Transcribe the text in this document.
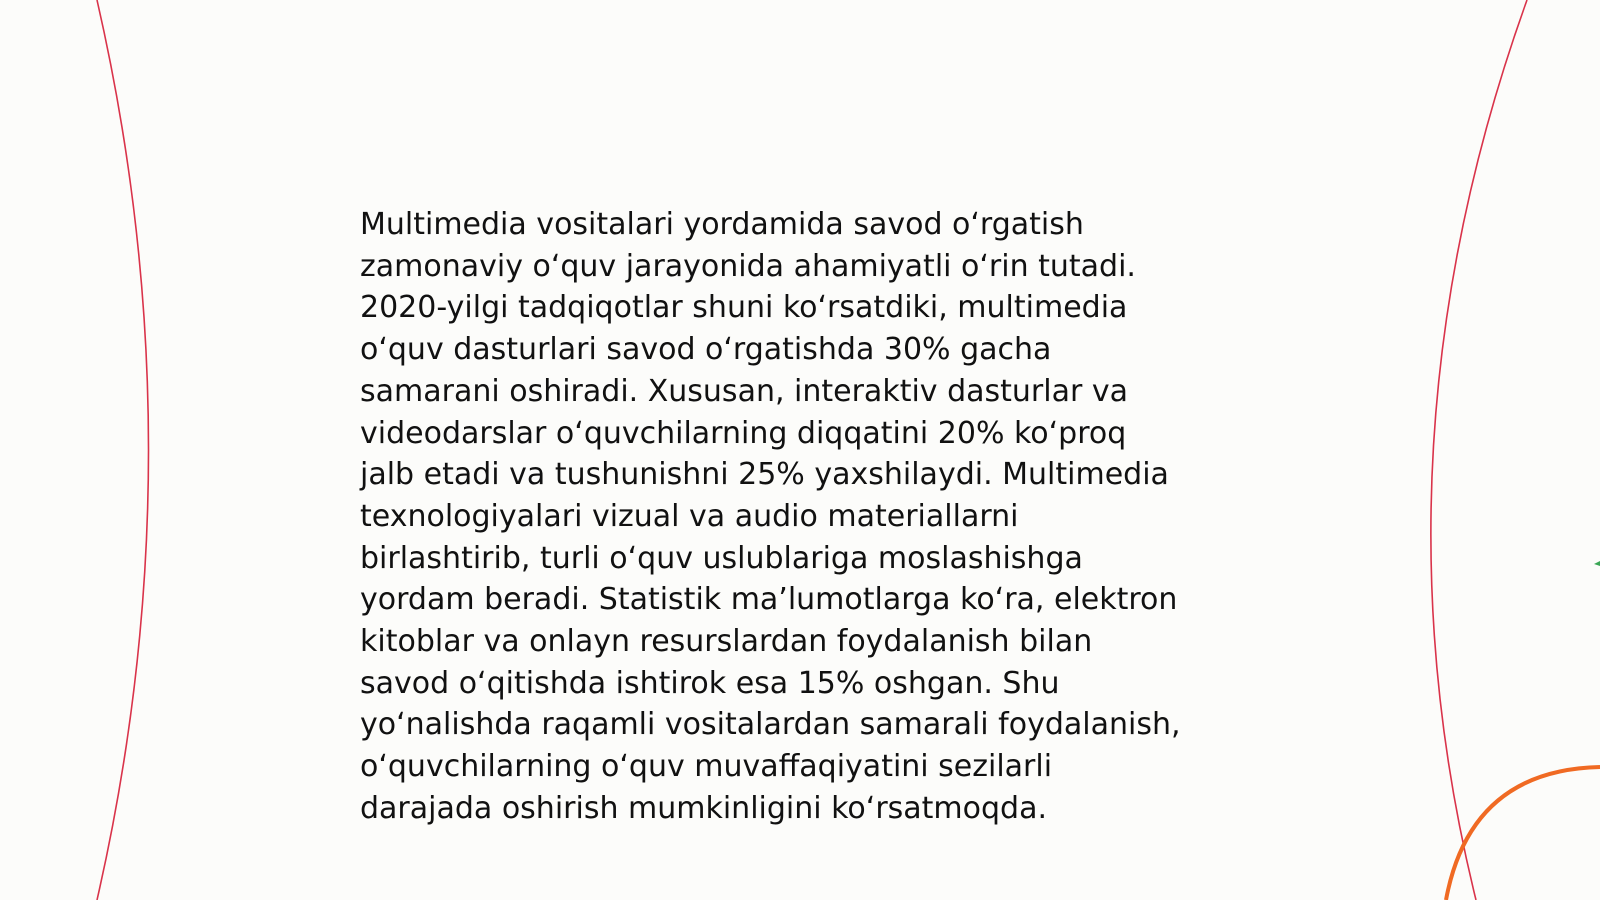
Multimedia vositalari yordamida savod oʻrgatish
zamonaviy oʻquv jarayonida ahamiyatli oʻrin tutadi.
2020-yilgi tadqiqotlar shuni koʻrsatdiki, multimedia
oʻquv dasturlari savod oʻrgatishda 30% gacha
samarani oshiradi. Xususan, interaktiv dasturlar va
videodarslar oʻquvchilarning diqqatini 20% koʻproq
jalb etadi va tushunishni 25% yaxshilaydi. Multimedia
texnologiyalari vizual va audio materiallarni
birlashtirib, turli oʻquv uslublariga moslashishga
yordam beradi. Statistik maʼlumotlarga koʻra, elektron
kitoblar va onlayn resurslardan foydalanish bilan
savod oʻqitishda ishtirok esa 15% oshgan. Shu
yoʻnalishda raqamli vositalardan samarali foydalanish,
oʻquvchilarning oʻquv muvaffaqiyatini sezilarli
darajada oshirish mumkinligini koʻrsatmoqda.
